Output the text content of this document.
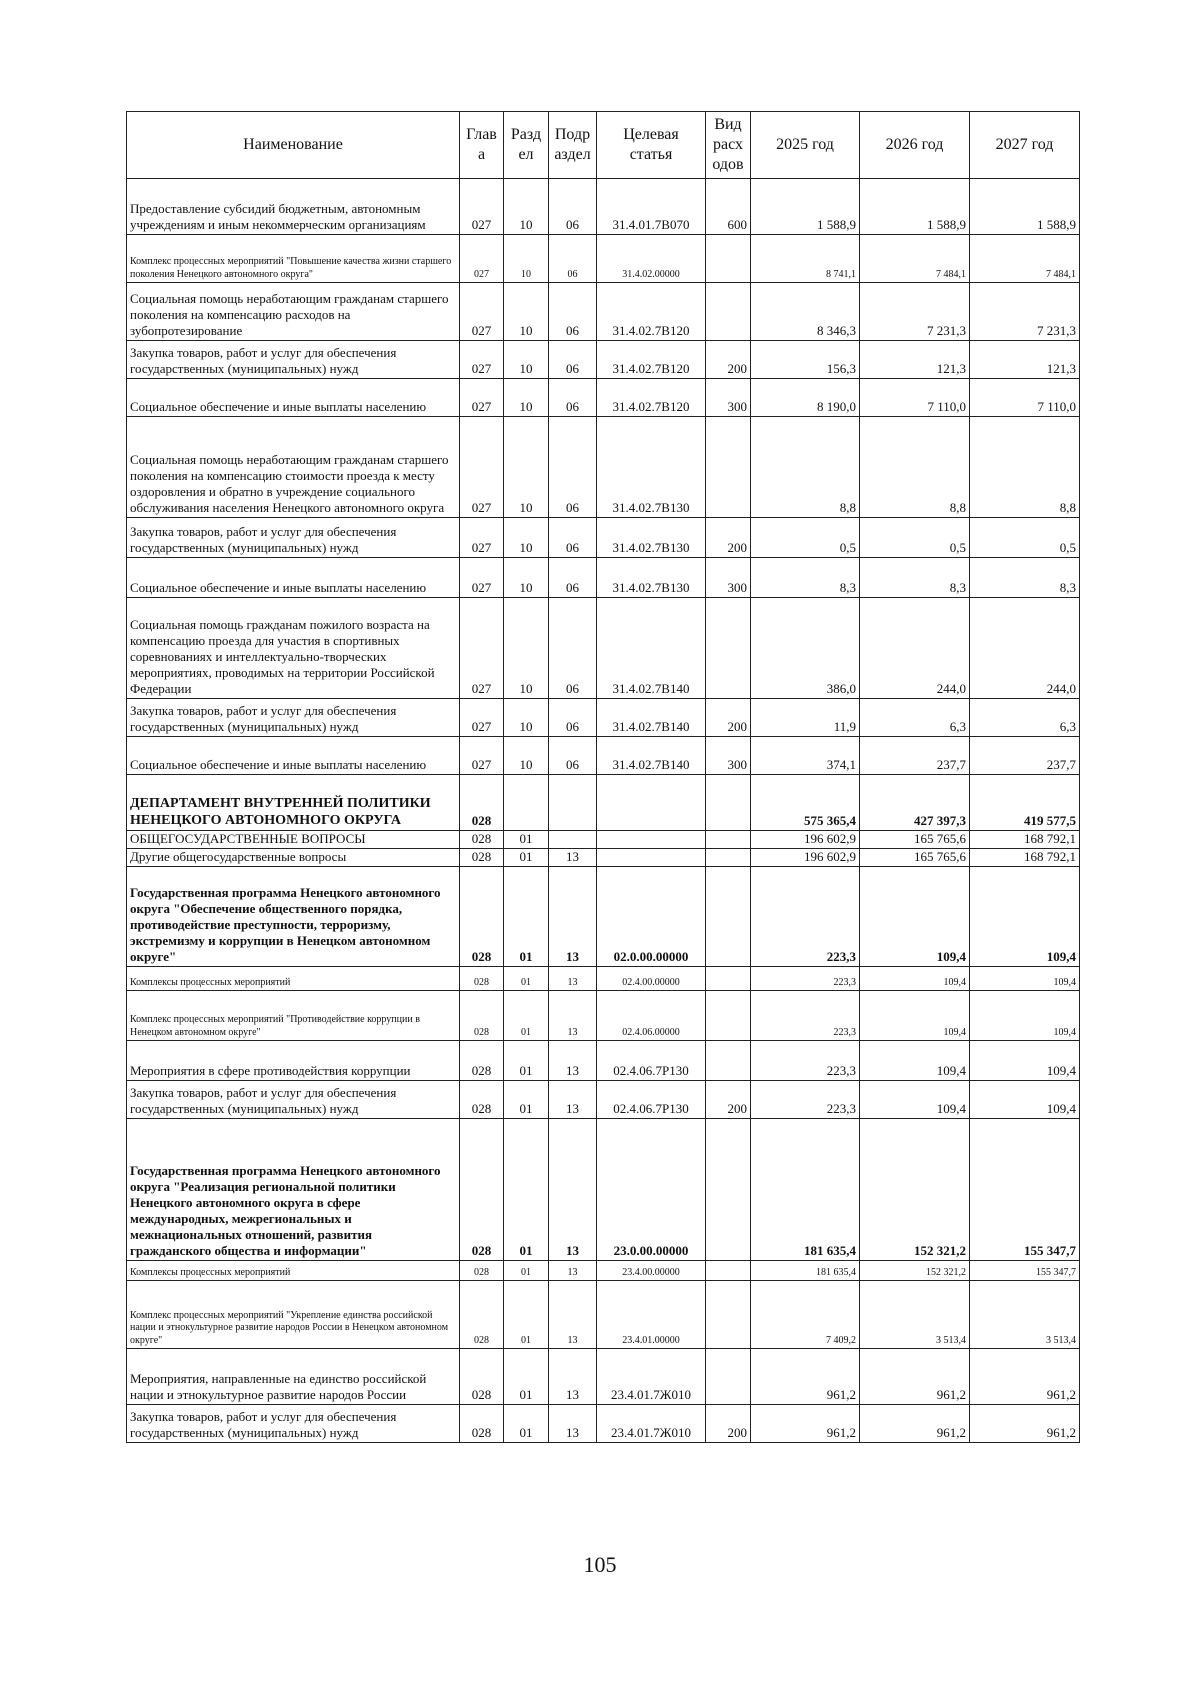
Наименование	Глав а	Разд ел	Подр аздел	Целевая статья	Вид расх одов	2025 год	2026 год	2027 год
Предоставление субсидий бюджетным, автономным учреждениям и иным некоммерческим организациям	027	10	06	31.4.01.7В070	600	1 588,9	1 588,9	1 588,9
Комплекс процессных мероприятий "Повышение качества жизни старшего поколения Ненецкого автономного округа"	027	10	06	31.4.02.00000		8 741,1	7 484,1	7 484,1
Социальная помощь неработающим гражданам старшего поколения на компенсацию расходов на зубопротезирование	027	10	06	31.4.02.7В120		8 346,3	7 231,3	7 231,3
Закупка товаров, работ и услуг для обеспечения государственных (муниципальных) нужд	027	10	06	31.4.02.7В120	200	156,3	121,3	121,3
Социальное обеспечение и иные выплаты населению	027	10	06	31.4.02.7В120	300	8 190,0	7 110,0	7 110,0
Социальная помощь неработающим гражданам старшего поколения на компенсацию стоимости проезда к месту оздоровления и обратно в учреждение социального обслуживания населения Ненецкого автономного округа	027	10	06	31.4.02.7В130		8,8	8,8	8,8
Закупка товаров, работ и услуг для обеспечения государственных (муниципальных) нужд	027	10	06	31.4.02.7В130	200	0,5	0,5	0,5
Социальное обеспечение и иные выплаты населению	027	10	06	31.4.02.7В130	300	8,3	8,3	8,3
Социальная помощь гражданам пожилого возраста на компенсацию проезда для участия в спортивных соревнованиях и интеллектуально-творческих мероприятиях, проводимых на территории Российской Федерации	027	10	06	31.4.02.7В140		386,0	244,0	244,0
Закупка товаров, работ и услуг для обеспечения государственных (муниципальных) нужд	027	10	06	31.4.02.7В140	200	11,9	6,3	6,3
Социальное обеспечение и иные выплаты населению	027	10	06	31.4.02.7В140	300	374,1	237,7	237,7
ДЕПАРТАМЕНТ ВНУТРЕННЕЙ ПОЛИТИКИ НЕНЕЦКОГО АВТОНОМНОГО ОКРУГА	028					575 365,4	427 397,3	419 577,5
ОБЩЕГОСУДАРСТВЕННЫЕ ВОПРОСЫ	028	01				196 602,9	165 765,6	168 792,1
Другие общегосударственные вопросы	028	01	13			196 602,9	165 765,6	168 792,1
Государственная программа Ненецкого автономного округа "Обеспечение общественного порядка, противодействие преступности, терроризму, экстремизму и коррупции в Ненецком автономном округе"	028	01	13	02.0.00.00000		223,3	109,4	109,4
Комплексы процессных мероприятий	028	01	13	02.4.00.00000		223,3	109,4	109,4
Комплекс процессных мероприятий "Противодействие коррупции в Ненецком автономном округе"	028	01	13	02.4.06.00000		223,3	109,4	109,4
Мероприятия в сфере противодействия коррупции	028	01	13	02.4.06.7Р130		223,3	109,4	109,4
Закупка товаров, работ и услуг для обеспечения государственных (муниципальных) нужд	028	01	13	02.4.06.7Р130	200	223,3	109,4	109,4
Государственная программа Ненецкого автономного округа "Реализация региональной политики Ненецкого автономного округа в сфере международных, межрегиональных и межнациональных отношений, развития гражданского общества и информации"	028	01	13	23.0.00.00000		181 635,4	152 321,2	155 347,7
Комплексы процессных мероприятий	028	01	13	23.4.00.00000		181 635,4	152 321,2	155 347,7
Комплекс процессных мероприятий "Укрепление единства российской нации и этнокультурное развитие народов России в Ненецком автономном округе"	028	01	13	23.4.01.00000		7 409,2	3 513,4	3 513,4
Мероприятия, направленные на единство российской нации и этнокультурное развитие народов России	028	01	13	23.4.01.7Ж010		961,2	961,2	961,2
Закупка товаров, работ и услуг для обеспечения государственных (муниципальных) нужд	028	01	13	23.4.01.7Ж010	200	961,2	961,2	961,2
105
